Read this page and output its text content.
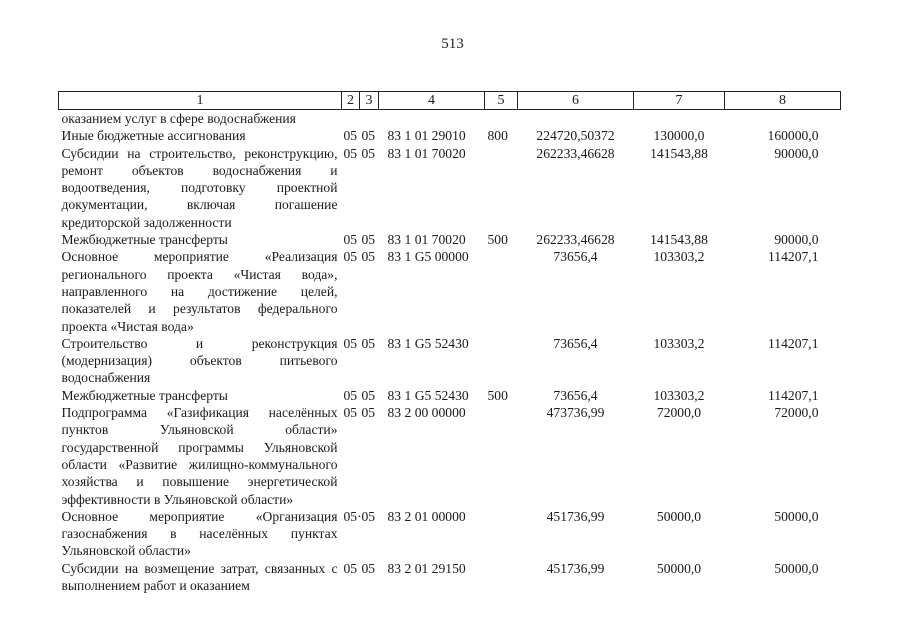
513
1	2	3	4	5	6	7	8
оказанием услуг в сфере водоснабжения							
Иные бюджетные ассигнования	05	05	83 1 01 29010	800	224720,50372	130000,0	160000,0
Субсидии на строительство, реконструкцию, ремонт объектов водоснабжения и водоотведения, подготовку проектной документации, включая погашение кредиторской задолженности	05	05	83 1 01 70020		262233,46628	141543,88	90000,0
Межбюджетные трансферты	05	05	83 1 01 70020	500	262233,46628	141543,88	90000,0
Основное мероприятие «Реализация регионального проекта «Чистая вода», направленного на достижение целей, показателей и результатов федерального проекта «Чистая вода»	05	05	83 1 G5 00000		73656,4	103303,2	114207,1
Строительство и реконструкция (модернизация) объектов питьевого водоснабжения	05	05	83 1 G5 52430		73656,4	103303,2	114207,1
Межбюджетные трансферты	05	05	83 1 G5 52430	500	73656,4	103303,2	114207,1
Подпрограмма «Газификация населённых пунктов Ульяновской области» государственной программы Ульяновской области «Развитие жилищно-коммунального хозяйства и повышение энергетической эффективности в Ульяновской области»	05	05	83 2 00 00000		473736,99	72000,0	72000,0
Основное мероприятие «Организация газоснабжения в населённых пунктах Ульяновской области»	05·	05	83 2 01 00000		451736,99	50000,0	50000,0
Субсидии на возмещение затрат, связанных с выполнением работ и оказанием	05	05	83 2 01 29150		451736,99	50000,0	50000,0
